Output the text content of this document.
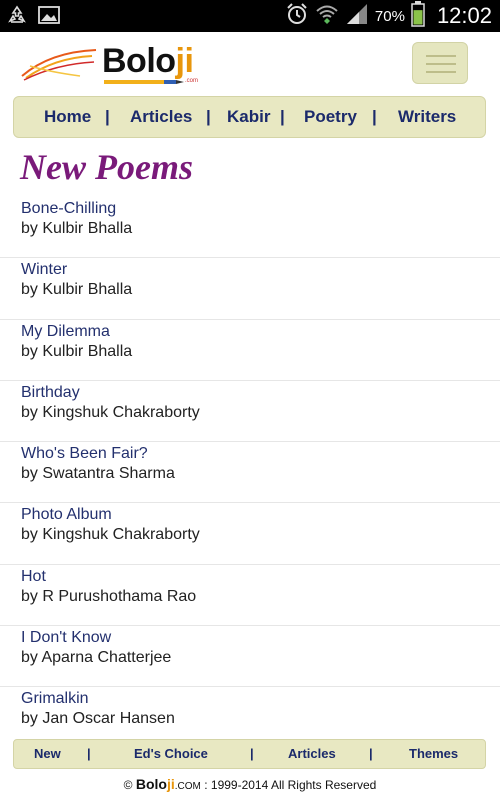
70% 12:02
Boloji
.com
Home | Articles | Kabir | Poetry | Writers
New Poems
Bone-Chilling
by Kulbir Bhalla
Winter
by Kulbir Bhalla
My Dilemma
by Kulbir Bhalla
Birthday
by Kingshuk Chakraborty
Who's Been Fair?
by Swatantra Sharma
Photo Album
by Kingshuk Chakraborty
Hot
by R Purushothama Rao
I Don't Know
by Aparna Chatterjee
Grimalkin
by Jan Oscar Hansen
New |	Ed's Choice	|	Articles	|	Themes
© Boloji.COM : 1999-2014 All Rights Reserved
